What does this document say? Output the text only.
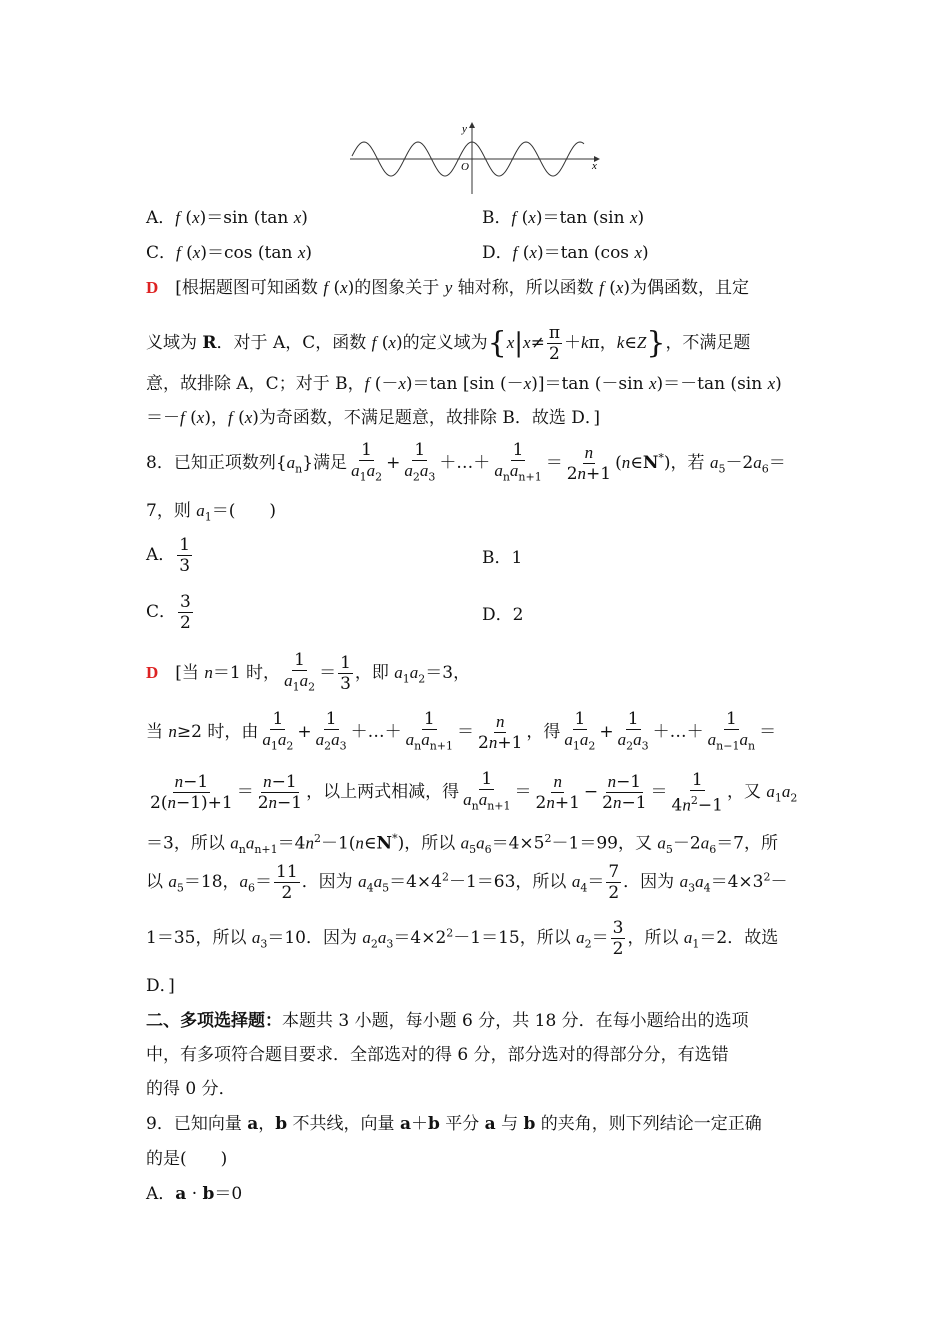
y
x
O
A．f (x)＝sin (tan x)	B．f (x)＝tan (sin x)
C．f (x)＝cos (tan x)	D．f (x)＝tan (cos x)
D　[根据题图可知函数 f (x)的图象关于 y 轴对称，所以函数 f (x)为偶函数，且定
义域为 R．对于 A，C，函数 f (x)的定义域为{$x|x\ne \frac{\pi}{2} +k\pi$，k∈Z}，不满足题
意，故排除 A，C；对于 B，f (－x)＝tan [sin (－x)]＝tan (－sin x)＝－tan (sin x)
＝－f (x)，f (x)为奇函数，不满足题意，故排除 B．故选 D．]
8．已知正项数列$\{a_n\}$满足 $\frac{1}{a_1a_2} + \frac{1}{a_2a_3}$ ＋…＋ $\frac{1}{a_na_{n+1}} = \frac{n}{2n+1}$ (n∈N*)，若 $a_5-2a_6=$
7，则 $a_1=$(　　)
A． $\frac{1}{3}$	B．1
C． $\frac{3}{2}$	D．2
D　[当 n＝1 时， $\frac{1}{a_1a_2} = \frac{1}{3}$ ，即 $a_1a_2=3$，
当 n≥2 时，由 $\frac{1}{a_1a_2} + \frac{1}{a_2a_3}$ ＋…＋ $\frac{1}{a_na_{n+1}} = \frac{n}{2n+1}$ ，得 $\frac{1}{a_1a_2} + \frac{1}{a_2a_3}$ ＋…＋ $\frac{1}{a_{n-1}a_n}$ ＝
$\frac{n-1}{2(n-1)+1} = \frac{n-1}{2n-1}$ ，以上两式相减，得 $\frac{1}{a_na_{n+1}} = \frac{n}{2n+1} - \frac{n-1}{2n-1} = \frac{1}{4n^2-1}$ ，又 $a_1a_2$
＝3，所以 $a_na_{n+1}=4n^2-1(n\in N^*)$，所以 $a_5a_6=4\times 5^2-1=99$，又 $a_5-2a_6=7$，所
以 $a_5=18$，$a_6= \frac{11}{2}$ ．因为 $a_4a_5=4\times 4^2-1=63$，所以 $a_4= \frac{7}{2}$ ．因为 $a_3a_4=4\times 3^2-$
1＝35，所以 $a_3=10$．因为 $a_2a_3=4\times 2^2-1=15$，所以 $a_2= \frac{3}{2}$ ，所以 $a_1=2$．故选
D．]
二、多项选择题：本题共 3 小题，每小题 6 分，共 18 分．在每小题给出的选项
中，有多项符合题目要求．全部选对的得 6 分，部分选对的得部分分，有选错
的得 0 分．
9．已知向量 a，b 不共线，向量 a＋b 平分 a 与 b 的夹角，则下列结论一定正确
的是(　　)
A．a · b＝0
